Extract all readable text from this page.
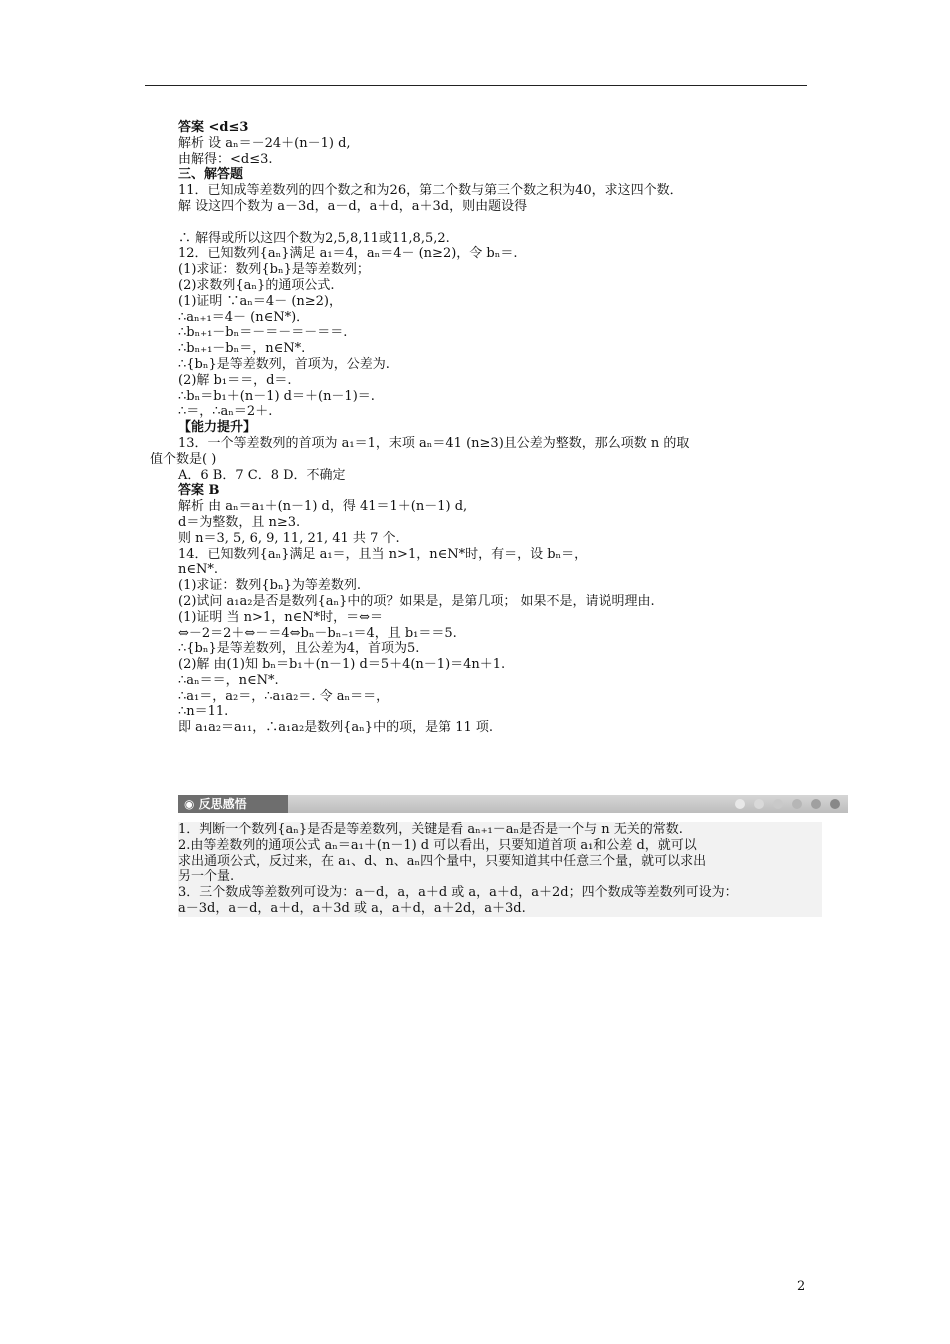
答案 <d≤3
解析 设 aₙ＝－24＋(n－1) d,
由解得：<d≤3.
三、解答题
11．已知成等差数列的四个数之和为26，第二个数与第三个数之积为40，求这四个数．
解 设这四个数为 a－3d，a－d，a＋d，a＋3d，则由题设得
∴ 解得或所以这四个数为2,5,8,11或11,8,5,2.
12．已知数列{aₙ}满足 a₁＝4，aₙ＝4－ (n≥2)，令 bₙ＝.
(1)求证：数列{bₙ}是等差数列；
(2)求数列{aₙ}的通项公式.
(1)证明 ∵aₙ＝4－ (n≥2)，
∴aₙ₊₁＝4－ (n∈N*)．
∴bₙ₊₁－bₙ＝－＝－＝－＝＝.
∴bₙ₊₁－bₙ＝，n∈N*.
∴{bₙ}是等差数列，首项为，公差为.
(2)解 b₁＝＝，d＝.
∴bₙ＝b₁＋(n－1) d＝＋(n－1)＝.
∴＝，∴aₙ＝2＋.
【能力提升】
13．一个等差数列的首项为 a₁＝1，末项 aₙ＝41 (n≥3)且公差为整数，那么项数 n 的取
值个数是( )
A．6 B．7 C．8 D．不确定
答案 B
解析 由 aₙ＝a₁＋(n－1) d，得 41＝1＋(n－1) d,
d＝为整数，且 n≥3.
则 n＝3, 5, 6, 9, 11, 21, 41 共 7 个.
14．已知数列{aₙ}满足 a₁＝，且当 n>1，n∈N*时，有＝，设 bₙ＝，
n∈N*.
(1)求证：数列{bₙ}为等差数列.
(2)试问 a₁a₂是否是数列{aₙ}中的项？如果是，是第几项； 如果不是，请说明理由.
(1)证明 当 n>1，n∈N*时，＝⇔＝
⇔－2＝2＋⇔－＝4⇔bₙ－bₙ₋₁＝4，且 b₁＝＝5.
∴{bₙ}是等差数列，且公差为4，首项为5.
(2)解 由(1)知 bₙ＝b₁＋(n－1) d＝5＋4(n－1)＝4n＋1.
∴aₙ＝＝，n∈N*.
∴a₁＝，a₂＝，∴a₁a₂＝. 令 aₙ＝＝，
∴n＝11.
即 a₁a₂＝a₁₁，∴a₁a₂是数列{aₙ}中的项，是第 11 项.
◉ 反思感悟
1．判断一个数列{aₙ}是否是等差数列，关键是看 aₙ₊₁－aₙ是否是一个与 n 无关的常数.
2.由等差数列的通项公式 aₙ＝a₁＋(n－1) d 可以看出，只要知道首项 a₁和公差 d，就可以
求出通项公式，反过来，在 a₁、d、n、aₙ四个量中，只要知道其中任意三个量，就可以求出
另一个量.
3．三个数成等差数列可设为：a－d，a，a＋d 或 a，a＋d，a＋2d；四个数成等差数列可设为：
a－3d，a－d，a＋d，a＋3d 或 a，a＋d，a＋2d，a＋3d.
2
